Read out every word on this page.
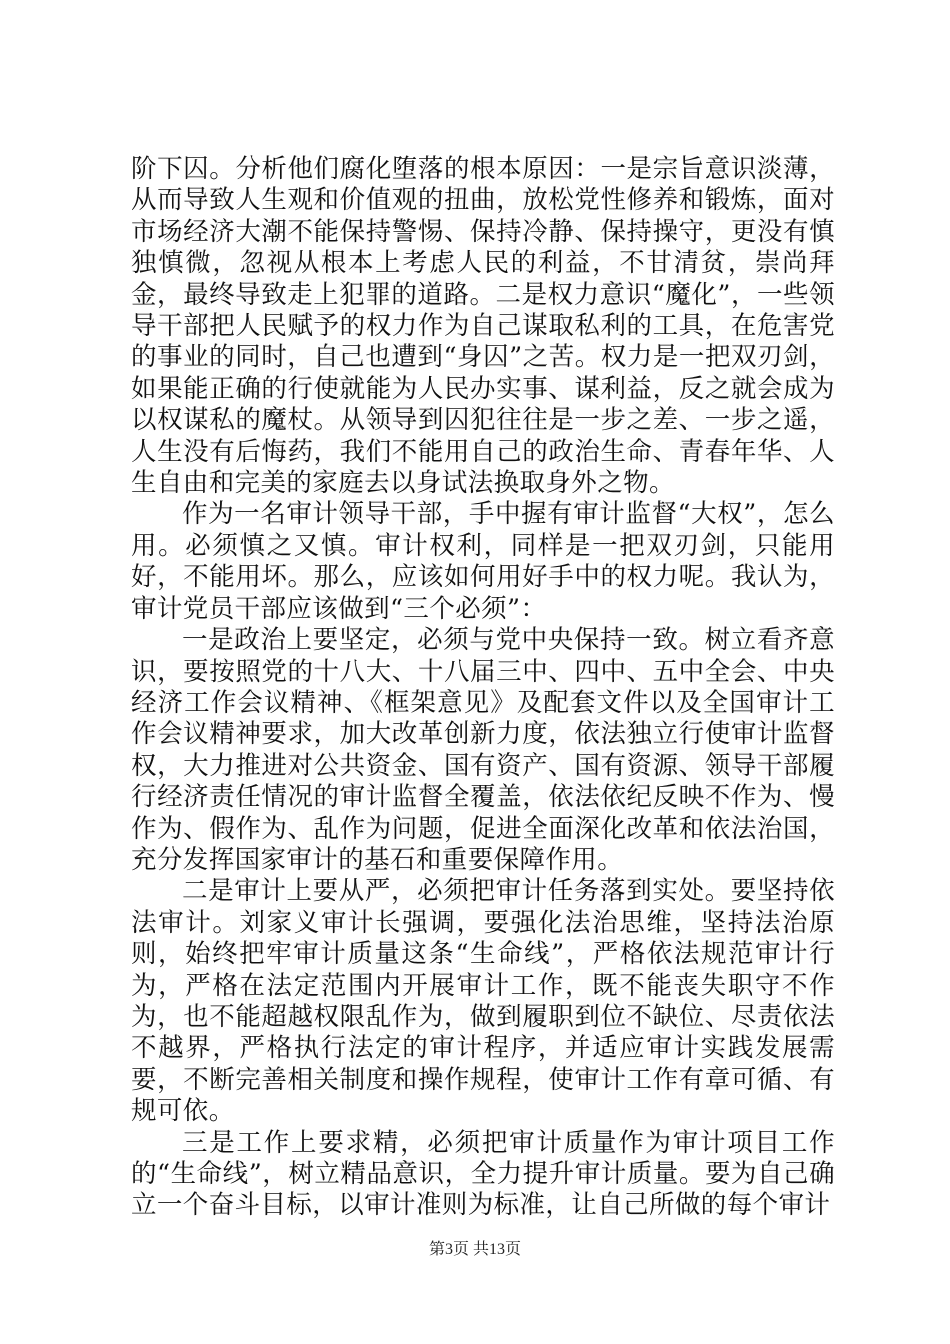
阶下囚。分析他们腐化堕落的根本原因：一是宗旨意识淡薄，从而导致人生观和价值观的扭曲，放松党性修养和锻炼，面对市场经济大潮不能保持警惕、保持冷静、保持操守，更没有慎独慎微，忽视从根本上考虑人民的利益，不甘清贫，崇尚拜金，最终导致走上犯罪的道路。二是权力意识“魔化”，一些领导干部把人民赋予的权力作为自己谋取私利的工具，在危害党的事业的同时，自己也遭到“身囚”之苦。权力是一把双刃剑，如果能正确的行使就能为人民办实事、谋利益，反之就会成为以权谋私的魔杖。从领导到囚犯往往是一步之差、一步之遥，人生没有后悔药，我们不能用自己的政治生命、青春年华、人生自由和完美的家庭去以身试法换取身外之物。

作为一名审计领导干部，手中握有审计监督“大权”，怎么用。必须慎之又慎。审计权利，同样是一把双刃剑，只能用好，不能用坏。那么，应该如何用好手中的权力呢。我认为，审计党员干部应该做到“三个必须”：

一是政治上要坚定，必须与党中央保持一致。树立看齐意识，要按照党的十八大、十八届三中、四中、五中全会、中央经济工作会议精神、《框架意见》及配套文件以及全国审计工作会议精神要求，加大改革创新力度，依法独立行使审计监督权，大力推进对公共资金、国有资产、国有资源、领导干部履行经济责任情况的审计监督全覆盖，依法依纪反映不作为、慢作为、假作为、乱作为问题，促进全面深化改革和依法治国，充分发挥国家审计的基石和重要保障作用。

二是审计上要从严，必须把审计任务落到实处。要坚持依法审计。刘家义审计长强调，要强化法治思维，坚持法治原则，始终把牢审计质量这条“生命线”，严格依法规范审计行为，严格在法定范围内开展审计工作，既不能丧失职守不作为，也不能超越权限乱作为，做到履职到位不缺位、尽责依法不越界，严格执行法定的审计程序，并适应审计实践发展需要，不断完善相关制度和操作规程，使审计工作有章可循、有规可依。

三是工作上要求精，必须把审计质量作为审计项目工作的“生命线”，树立精品意识，全力提升审计质量。要为自己确立一个奋斗目标，以审计准则为标准，让自己所做的每个审计

第3页 共13页
